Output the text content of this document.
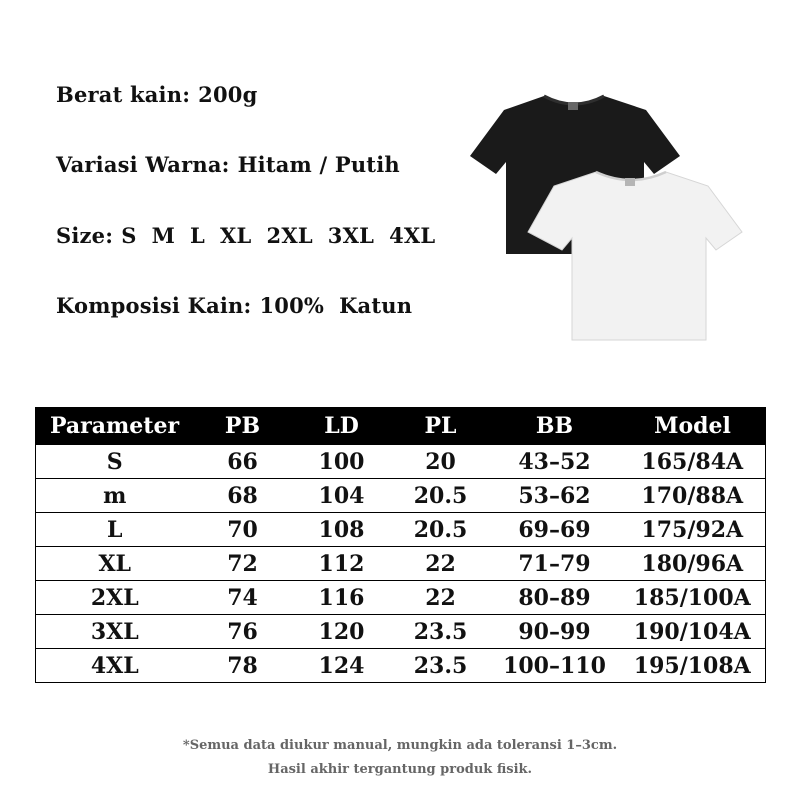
Berat kain: 200g
Variasi Warna: Hitam / Putih
Size: S  M  L  XL  2XL  3XL  4XL
Komposisi Kain: 100%  Katun
Parameter	PB	LD	PL	BB	Model
S	66	100	20	43–52	165/84A
m	68	104	20.5	53–62	170/88A
L	70	108	20.5	69–69	175/92A
XL	72	112	22	71–79	180/96A
2XL	74	116	22	80–89	185/100A
3XL	76	120	23.5	90–99	190/104A
4XL	78	124	23.5	100–110	195/108A
*Semua data diukur manual, mungkin ada toleransi 1–3cm.
Hasil akhir tergantung produk fisik.
